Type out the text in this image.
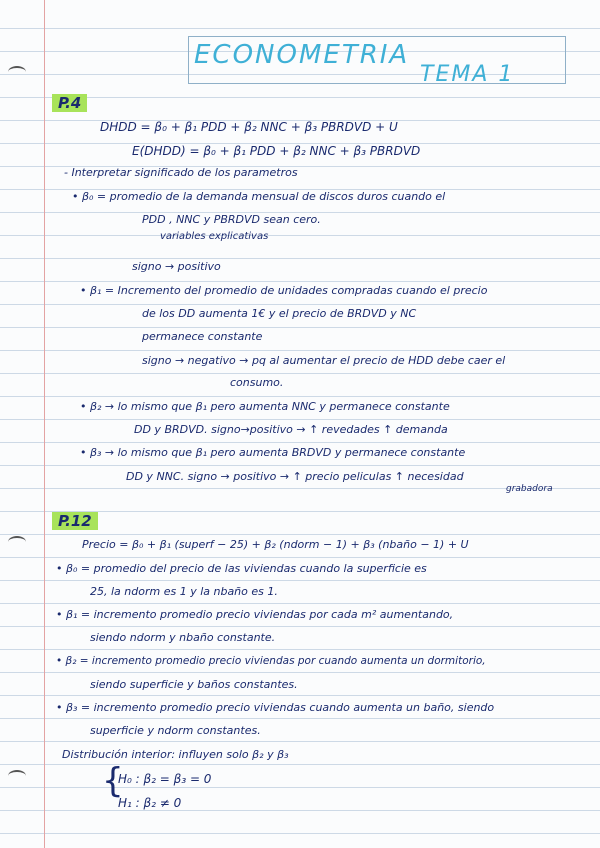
ECONOMETRIA
TEMA 1
P.4
DHDD = β₀ + β₁ PDD + β₂ NNC + β₃ PBRDVD + U
E(DHDD) = β₀ + β₁ PDD + β₂ NNC + β₃ PBRDVD
- Interpretar significado de los parametros
• β₀ = promedio de la demanda mensual de discos duros cuando el
PDD , NNC y PBRDVD sean cero.
variables explicativas
signo → positivo
• β₁ = Incremento del promedio de unidades compradas cuando el precio
de los DD aumenta 1€ y el precio de BRDVD y NC
permanece constante
signo → negativo → pq al aumentar el precio de HDD debe caer el
consumo.
• β₂ → lo mismo que β₁ pero aumenta NNC y permanece constante
DD y BRDVD. signo→positivo → ↑ revedades ↑ demanda
• β₃ → lo mismo que β₁ pero aumenta BRDVD y permanece constante
DD y NNC. signo → positivo → ↑ precio peliculas ↑ necesidad
grabadora
P.12
Precio = β₀ + β₁ (superf − 25) + β₂ (ndorm − 1) + β₃ (nbaño − 1) + U
• β₀ = promedio del precio de las viviendas cuando la superficie es
25, la ndorm es 1 y la nbaño es 1.
• β₁ = incremento promedio precio viviendas por cada m² aumentando,
siendo ndorm y nbaño constante.
• β₂ = incremento promedio precio viviendas por cuando aumenta un dormitorio,
siendo superficie y baños constantes.
• β₃ = incremento promedio precio viviendas cuando aumenta un baño, siendo
superficie y ndorm constantes.
Distribución interior: influyen solo β₂ y β₃
{
H₀ : β₂ = β₃ = 0
H₁ : β₂ ≠ 0
